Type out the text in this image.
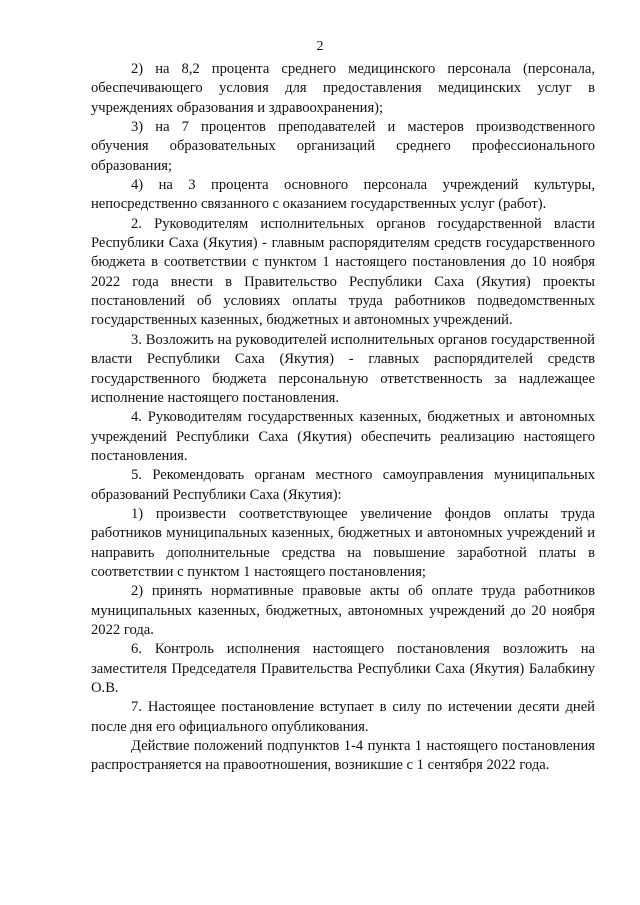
2

2) на 8,2 процента среднего медицинского персонала (персонала, обеспечивающего условия для предоставления медицинских услуг в учреждениях образования и здравоохранения);

3) на 7 процентов преподавателей и мастеров производственного обучения образовательных организаций среднего профессионального образования;

4) на 3 процента основного персонала учреждений культуры, непосредственно связанного с оказанием государственных услуг (работ).

2. Руководителям исполнительных органов государственной власти Республики Саха (Якутия) - главным распорядителям средств государственного бюджета в соответствии с пунктом 1 настоящего постановления до 10 ноября 2022 года внести в Правительство Республики Саха (Якутия) проекты постановлений об условиях оплаты труда работников подведомственных государственных казенных, бюджетных и автономных учреждений.

3. Возложить на руководителей исполнительных органов государственной власти Республики Саха (Якутия) - главных распорядителей средств государственного бюджета персональную ответственность за надлежащее исполнение настоящего постановления.

4. Руководителям государственных казенных, бюджетных и автономных учреждений Республики Саха (Якутия) обеспечить реализацию настоящего постановления.

5. Рекомендовать органам местного самоуправления муниципальных образований Республики Саха (Якутия):

1) произвести соответствующее увеличение фондов оплаты труда работников муниципальных казенных, бюджетных и автономных учреждений и направить дополнительные средства на повышение заработной платы в соответствии с пунктом 1 настоящего постановления;

2) принять нормативные правовые акты об оплате труда работников муниципальных казенных, бюджетных, автономных учреждений до 20 ноября 2022 года.

6. Контроль исполнения настоящего постановления возложить на заместителя Председателя Правительства Республики Саха (Якутия) Балабкину О.В.

7. Настоящее постановление вступает в силу по истечении десяти дней после дня его официального опубликования.

Действие положений подпунктов 1-4 пункта 1 настоящего постановления распространяется на правоотношения, возникшие с 1 сентября 2022 года.
